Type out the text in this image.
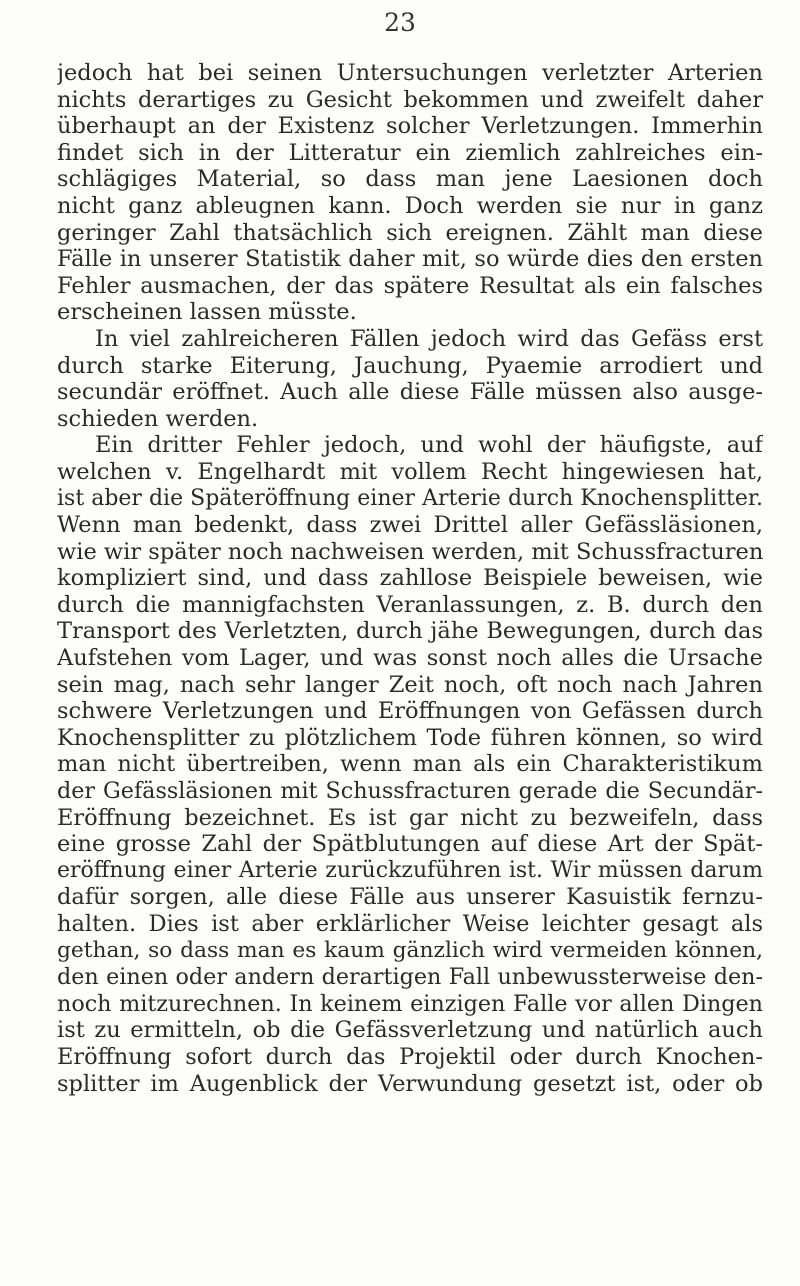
23
jedoch hat bei seinen Untersuchungen verletzter Arterien
nichts derartiges zu Gesicht bekommen und zweifelt daher
überhaupt an der Existenz solcher Verletzungen. Immerhin
findet sich in der Litteratur ein ziemlich zahlreiches ein-
schlägiges Material, so dass man jene Laesionen doch
nicht ganz ableugnen kann. Doch werden sie nur in ganz
geringer Zahl thatsächlich sich ereignen. Zählt man diese
Fälle in unserer Statistik daher mit, so würde dies den ersten
Fehler ausmachen, der das spätere Resultat als ein falsches
erscheinen lassen müsste.
In viel zahlreicheren Fällen jedoch wird das Gefäss erst
durch starke Eiterung, Jauchung, Pyaemie arrodiert und
secundär eröffnet. Auch alle diese Fälle müssen also ausge-
schieden werden.
Ein dritter Fehler jedoch, und wohl der häufigste, auf
welchen v. Engelhardt mit vollem Recht hingewiesen hat,
ist aber die Späteröffnung einer Arterie durch Knochensplitter.
Wenn man bedenkt, dass zwei Drittel aller Gefässläsionen,
wie wir später noch nachweisen werden, mit Schussfracturen
kompliziert sind, und dass zahllose Beispiele beweisen, wie
durch die mannigfachsten Veranlassungen, z. B. durch den
Transport des Verletzten, durch jähe Bewegungen, durch das
Aufstehen vom Lager, und was sonst noch alles die Ursache
sein mag, nach sehr langer Zeit noch, oft noch nach Jahren
schwere Verletzungen und Eröffnungen von Gefässen durch
Knochensplitter zu plötzlichem Tode führen können, so wird
man nicht übertreiben, wenn man als ein Charakteristikum
der Gefässläsionen mit Schussfracturen gerade die Secundär-
Eröffnung bezeichnet. Es ist gar nicht zu bezweifeln, dass
eine grosse Zahl der Spätblutungen auf diese Art der Spät-
eröffnung einer Arterie zurückzuführen ist. Wir müssen darum
dafür sorgen, alle diese Fälle aus unserer Kasuistik fernzu-
halten. Dies ist aber erklärlicher Weise leichter gesagt als
gethan, so dass man es kaum gänzlich wird vermeiden können,
den einen oder andern derartigen Fall unbewussterweise den-
noch mitzurechnen. In keinem einzigen Falle vor allen Dingen
ist zu ermitteln, ob die Gefässverletzung und natürlich auch
Eröffnung sofort durch das Projektil oder durch Knochen-
splitter im Augenblick der Verwundung gesetzt ist, oder ob
